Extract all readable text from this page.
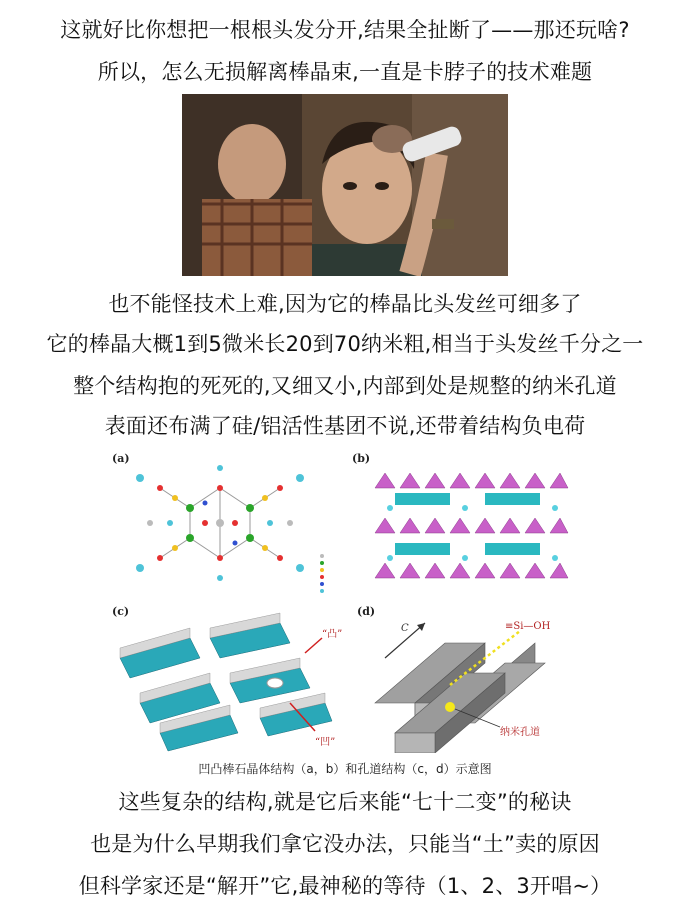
这就好比你想把一根根头发分开,结果全扯断了——那还玩啥?
所以，怎么无损解离棒晶束,一直是卡脖子的技术难题
也不能怪技术上难,因为它的棒晶比头发丝可细多了
它的棒晶大概1到5微米长20到70纳米粗,相当于头发丝千分之一
整个结构抱的死死的,又细又小,内部到处是规整的纳米孔道
表面还布满了硅/铝活性基团不说,还带着结构负电荷
(a)	(b)
(c)
“凸”
“凹”
(d)
C	≡Si—OH
纳米孔道
凹凸棒石晶体结构（a，b）和孔道结构（c，d）示意图
这些复杂的结构,就是它后来能“七十二变”的秘诀
也是为什么早期我们拿它没办法，只能当“土”卖的原因
但科学家还是“解开”它,最神秘的等待（1、2、3开唱~）
